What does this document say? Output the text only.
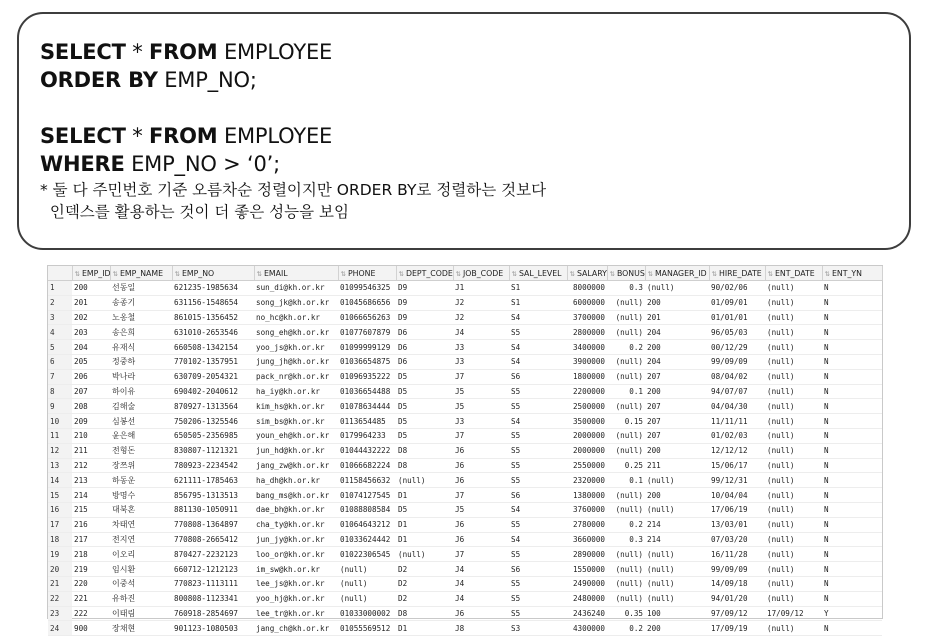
SELECT * FROM EMPLOYEE
ORDER BY EMP_NO;
SELECT * FROM EMPLOYEE
WHERE EMP_NO > ‘0’;
* 둘 다 주민번호 기준 오름차순 정렬이지만 ORDER BY로 정렬하는 것보다
인덱스를 활용하는 것이 더 좋은 성능을 보임
	⇅ EMP_ID	⇅ EMP_NAME	⇅ EMP_NO	⇅ EMAIL	⇅ PHONE	⇅ DEPT_CODE	⇅ JOB_CODE	⇅ SAL_LEVEL	⇅ SALARY	⇅ BONUS	⇅ MANAGER_ID	⇅ HIRE_DATE	⇅ ENT_DATE	⇅ ENT_YN
1	200	선동일	621235-1985634	sun_di@kh.or.kr	01099546325	D9	J1	S1	8000000	0.3	(null)	90/02/06	(null)	N
2	201	송종기	631156-1548654	song_jk@kh.or.kr	01045686656	D9	J2	S1	6000000	(null)	200	01/09/01	(null)	N
3	202	노옹철	861015-1356452	no_hc@kh.or.kr	01066656263	D9	J2	S4	3700000	(null)	201	01/01/01	(null)	N
4	203	송은희	631010-2653546	song_eh@kh.or.kr	01077607879	D6	J4	S5	2800000	(null)	204	96/05/03	(null)	N
5	204	유재식	660508-1342154	yoo_js@kh.or.kr	01099999129	D6	J3	S4	3400000	0.2	200	00/12/29	(null)	N
6	205	정중하	770102-1357951	jung_jh@kh.or.kr	01036654875	D6	J3	S4	3900000	(null)	204	99/09/09	(null)	N
7	206	박나라	630709-2054321	pack_nr@kh.or.kr	01096935222	D5	J7	S6	1800000	(null)	207	08/04/02	(null)	N
8	207	하이유	690402-2040612	ha_iy@kh.or.kr	01036654488	D5	J5	S5	2200000	0.1	200	94/07/07	(null)	N
9	208	김해술	870927-1313564	kim_hs@kh.or.kr	01078634444	D5	J5	S5	2500000	(null)	207	04/04/30	(null)	N
10	209	심봉선	750206-1325546	sim_bs@kh.or.kr	0113654485	D5	J3	S4	3500000	0.15	207	11/11/11	(null)	N
11	210	윤은해	650505-2356985	youn_eh@kh.or.kr	0179964233	D5	J7	S5	2000000	(null)	207	01/02/03	(null)	N
12	211	전형돈	830807-1121321	jun_hd@kh.or.kr	01044432222	D8	J6	S5	2000000	(null)	200	12/12/12	(null)	N
13	212	장쯔위	780923-2234542	jang_zw@kh.or.kr	01066682224	D8	J6	S5	2550000	0.25	211	15/06/17	(null)	N
14	213	하동운	621111-1785463	ha_dh@kh.or.kr	01158456632	(null)	J6	S5	2320000	0.1	(null)	99/12/31	(null)	N
15	214	방명수	856795-1313513	bang_ms@kh.or.kr	01074127545	D1	J7	S6	1380000	(null)	200	10/04/04	(null)	N
16	215	대북혼	881130-1050911	dae_bh@kh.or.kr	01088808584	D5	J5	S4	3760000	(null)	(null)	17/06/19	(null)	N
17	216	차태연	770808-1364897	cha_ty@kh.or.kr	01064643212	D1	J6	S5	2780000	0.2	214	13/03/01	(null)	N
18	217	전지연	770808-2665412	jun_jy@kh.or.kr	01033624442	D1	J6	S4	3660000	0.3	214	07/03/20	(null)	N
19	218	이오리	870427-2232123	loo_or@kh.or.kr	01022306545	(null)	J7	S5	2890000	(null)	(null)	16/11/28	(null)	N
20	219	임시환	660712-1212123	im_sw@kh.or.kr	(null)	D2	J4	S6	1550000	(null)	(null)	99/09/09	(null)	N
21	220	이중석	770823-1113111	lee_js@kh.or.kr	(null)	D2	J4	S5	2490000	(null)	(null)	14/09/18	(null)	N
22	221	유하진	800808-1123341	yoo_hj@kh.or.kr	(null)	D2	J4	S5	2480000	(null)	(null)	94/01/20	(null)	N
23	222	이태림	760918-2854697	lee_tr@kh.or.kr	01033000002	D8	J6	S5	2436240	0.35	100	97/09/12	17/09/12	Y
24	900	장채현	901123-1080503	jang_ch@kh.or.kr	01055569512	D1	J8	S3	4300000	0.2	200	17/09/19	(null)	N
